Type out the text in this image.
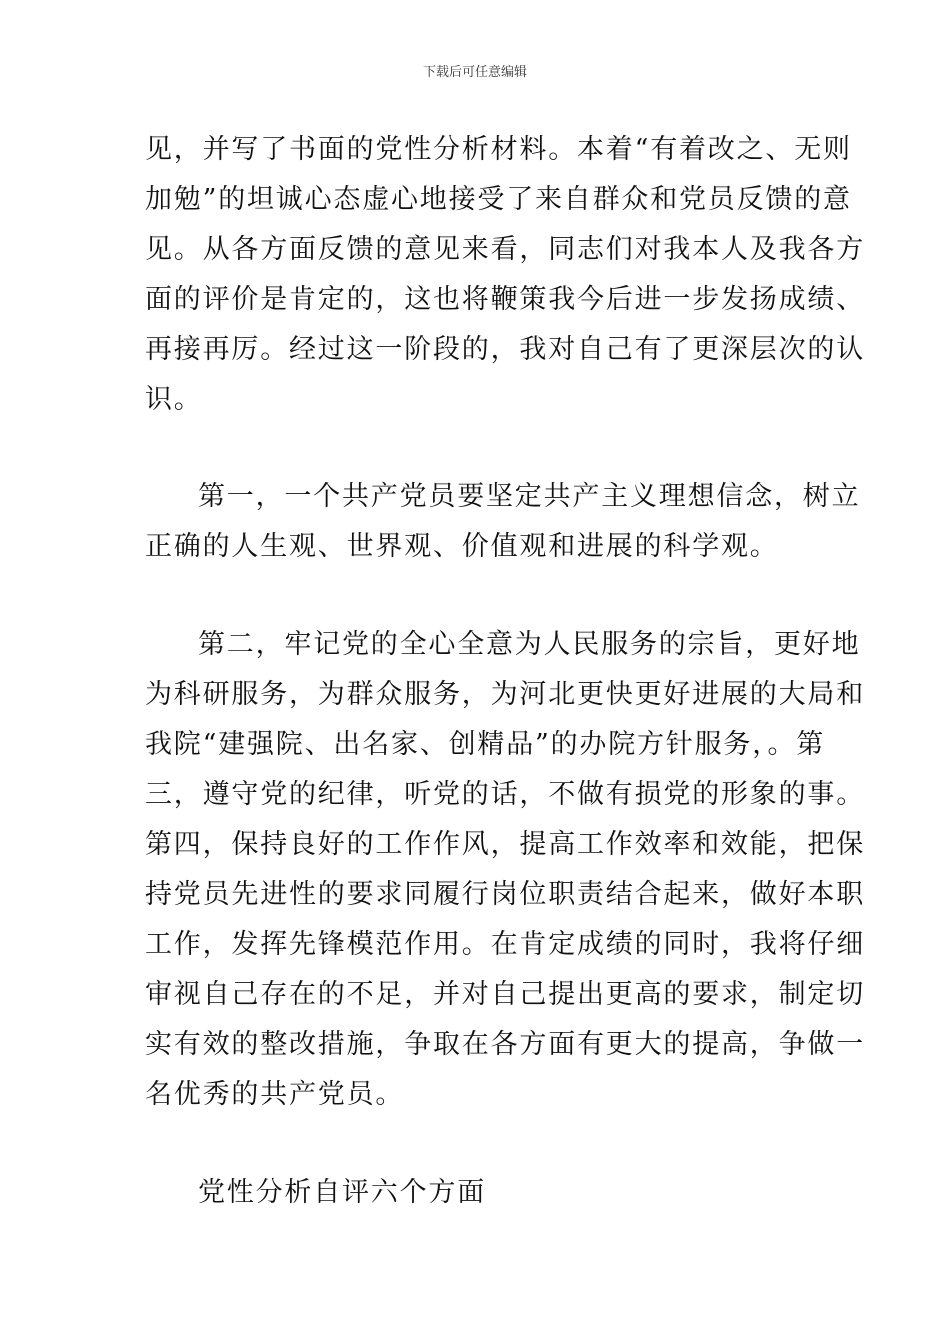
下载后可任意编辑
见，并写了书面的党性分析材料。本着“有着改之、无则
加勉”的坦诚心态虚心地接受了来自群众和党员反馈的意
见。从各方面反馈的意见来看，同志们对我本人及我各方
面的评价是肯定的，这也将鞭策我今后进一步发扬成绩、
再接再厉。经过这一阶段的，我对自己有了更深层次的认
识。
第一，一个共产党员要坚定共产主义理想信念，树立
正确的人生观、世界观、价值观和进展的科学观。
第二，牢记党的全心全意为人民服务的宗旨，更好地
为科研服务，为群众服务，为河北更快更好进展的大局和
我院“建强院、出名家、创精品”的办院方针服务，。第
三，遵守党的纪律，听党的话，不做有损党的形象的事。
第四，保持良好的工作作风，提高工作效率和效能，把保
持党员先进性的要求同履行岗位职责结合起来，做好本职
工作，发挥先锋模范作用。在肯定成绩的同时，我将仔细
审视自己存在的不足，并对自己提出更高的要求，制定切
实有效的整改措施，争取在各方面有更大的提高，争做一
名优秀的共产党员。
党性分析自评六个方面
